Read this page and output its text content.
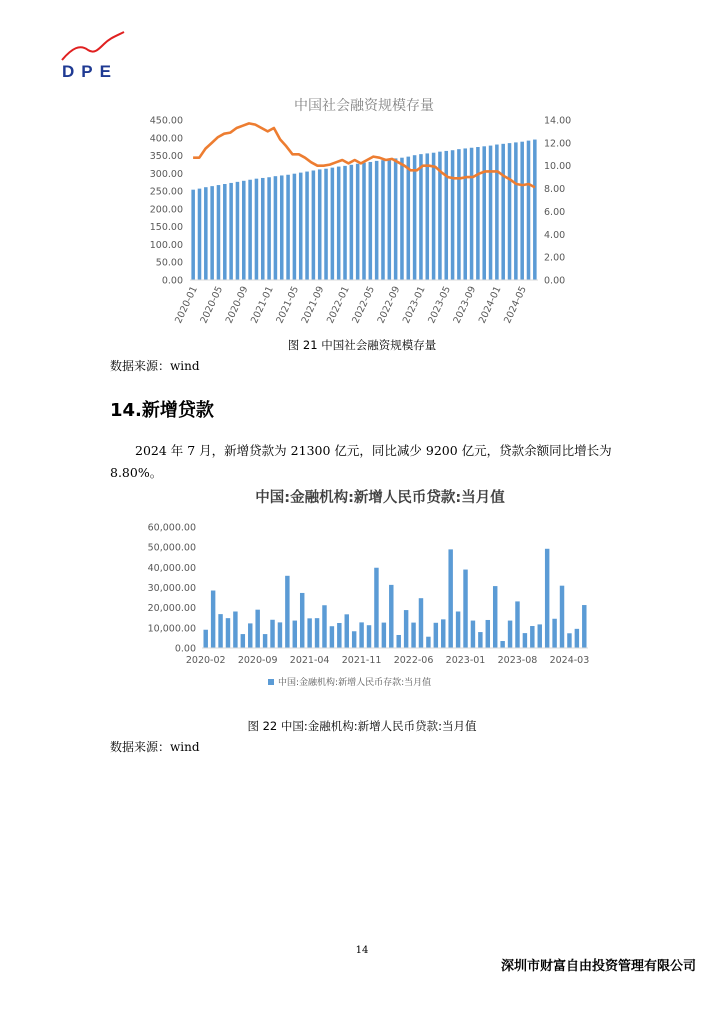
DPE
中国社会融资规模存量
0.00
50.00
100.00
150.00
200.00
250.00
300.00
350.00
400.00
450.00
0.00
2.00
4.00
6.00
8.00
10.00
12.00
14.00
2020-01
2020-05
2020-09
2021-01
2021-05
2021-09
2022-01
2022-05
2022-09
2023-01
2023-05
2023-09
2024-01
2024-05
图 21 中国社会融资规模存量
数据来源：wind
14.新增贷款
2024 年 7 月，新增贷款为 21300 亿元，同比减少 9200 亿元，贷款余额同比增长为 8.80%。
中国:金融机构:新增人民币贷款:当月值
0.00
10,000.00
20,000.00
30,000.00
40,000.00
50,000.00
60,000.00
2020-02 2020-09 2021-04 2021-11 2022-06 2023-01 2023-08 2024-03
中国:金融机构:新增人民币存款:当月值
图 22 中国:金融机构:新增人民币贷款:当月值
数据来源：wind
14
深圳市财富自由投资管理有限公司
